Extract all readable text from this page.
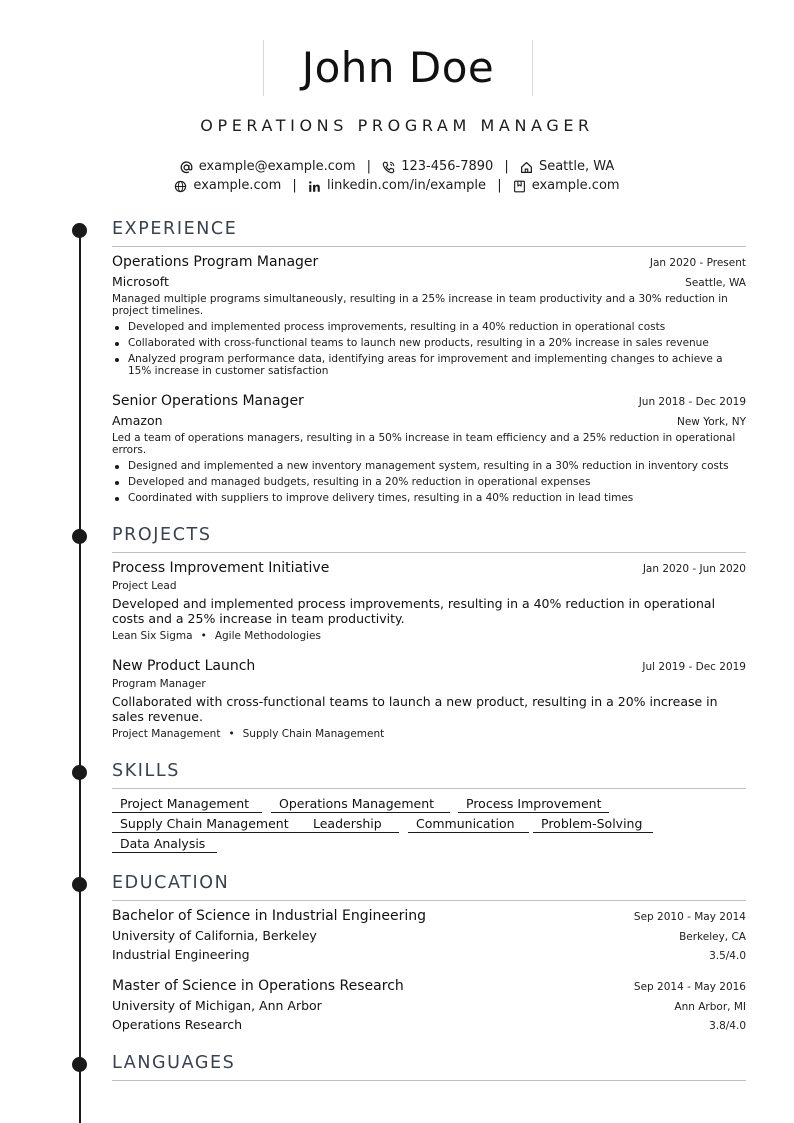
John Doe
OPERATIONS PROGRAM MANAGER
example@example.com | 123-456-7890 | Seattle, WA
example.com | linkedin.com/in/example | example.com
EXPERIENCE
Operations Program Manager	Jan 2020 - Present
Microsoft	Seattle, WA
Managed multiple programs simultaneously, resulting in a 25% increase in team productivity and a 30% reduction in project timelines.
Developed and implemented process improvements, resulting in a 40% reduction in operational costs
Collaborated with cross-functional teams to launch new products, resulting in a 20% increase in sales revenue
Analyzed program performance data, identifying areas for improvement and implementing changes to achieve a 15% increase in customer satisfaction
Senior Operations Manager	Jun 2018 - Dec 2019
Amazon	New York, NY
Led a team of operations managers, resulting in a 50% increase in team efficiency and a 25% reduction in operational errors.
Designed and implemented a new inventory management system, resulting in a 30% reduction in inventory costs
Developed and managed budgets, resulting in a 20% reduction in operational expenses
Coordinated with suppliers to improve delivery times, resulting in a 40% reduction in lead times
PROJECTS
Process Improvement Initiative	Jan 2020 - Jun 2020
Project Lead
Developed and implemented process improvements, resulting in a 40% reduction in operational costs and a 25% increase in team productivity.
Lean Six Sigma • Agile Methodologies
New Product Launch	Jul 2019 - Dec 2019
Program Manager
Collaborated with cross-functional teams to launch a new product, resulting in a 20% increase in sales revenue.
Project Management • Supply Chain Management
SKILLS
Project Management	Operations Management	Process Improvement
Supply Chain Management	Leadership	Communication	Problem-Solving
Data Analysis
EDUCATION
Bachelor of Science in Industrial Engineering	Sep 2010 - May 2014
University of California, Berkeley	Berkeley, CA
Industrial Engineering	3.5/4.0
Master of Science in Operations Research	Sep 2014 - May 2016
University of Michigan, Ann Arbor	Ann Arbor, MI
Operations Research	3.8/4.0
LANGUAGES
